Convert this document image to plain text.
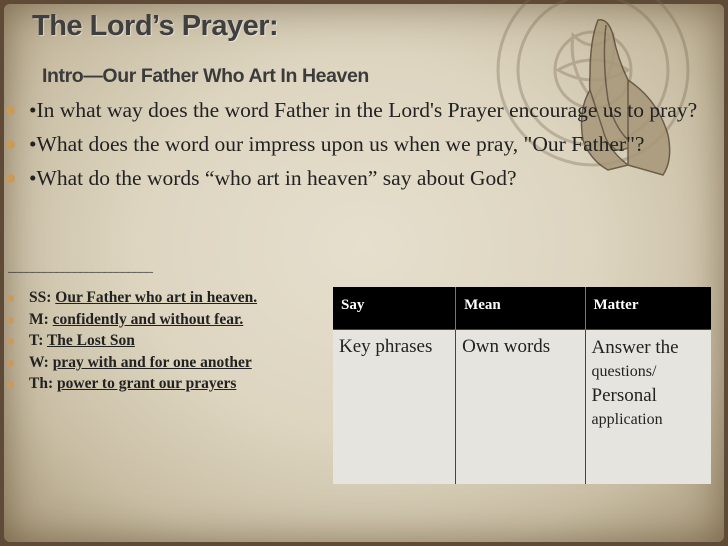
The Lord’s Prayer:
Intro—Our Father Who Art In Heaven
•In what way does the word Father in the Lord's Prayer encourage us to pray?
•What does the word our impress upon us when we pray, "Our Father"?
•What do the words “who art in heaven” say about God?
________________________
SS: Our Father who art in heaven.
M: confidently and without fear.
T: The Lost Son
W: pray with and for one another
Th: power to grant our prayers
Say	Mean	Matter
Key phrases	Own words	Answer the
questions/
Personal
application
